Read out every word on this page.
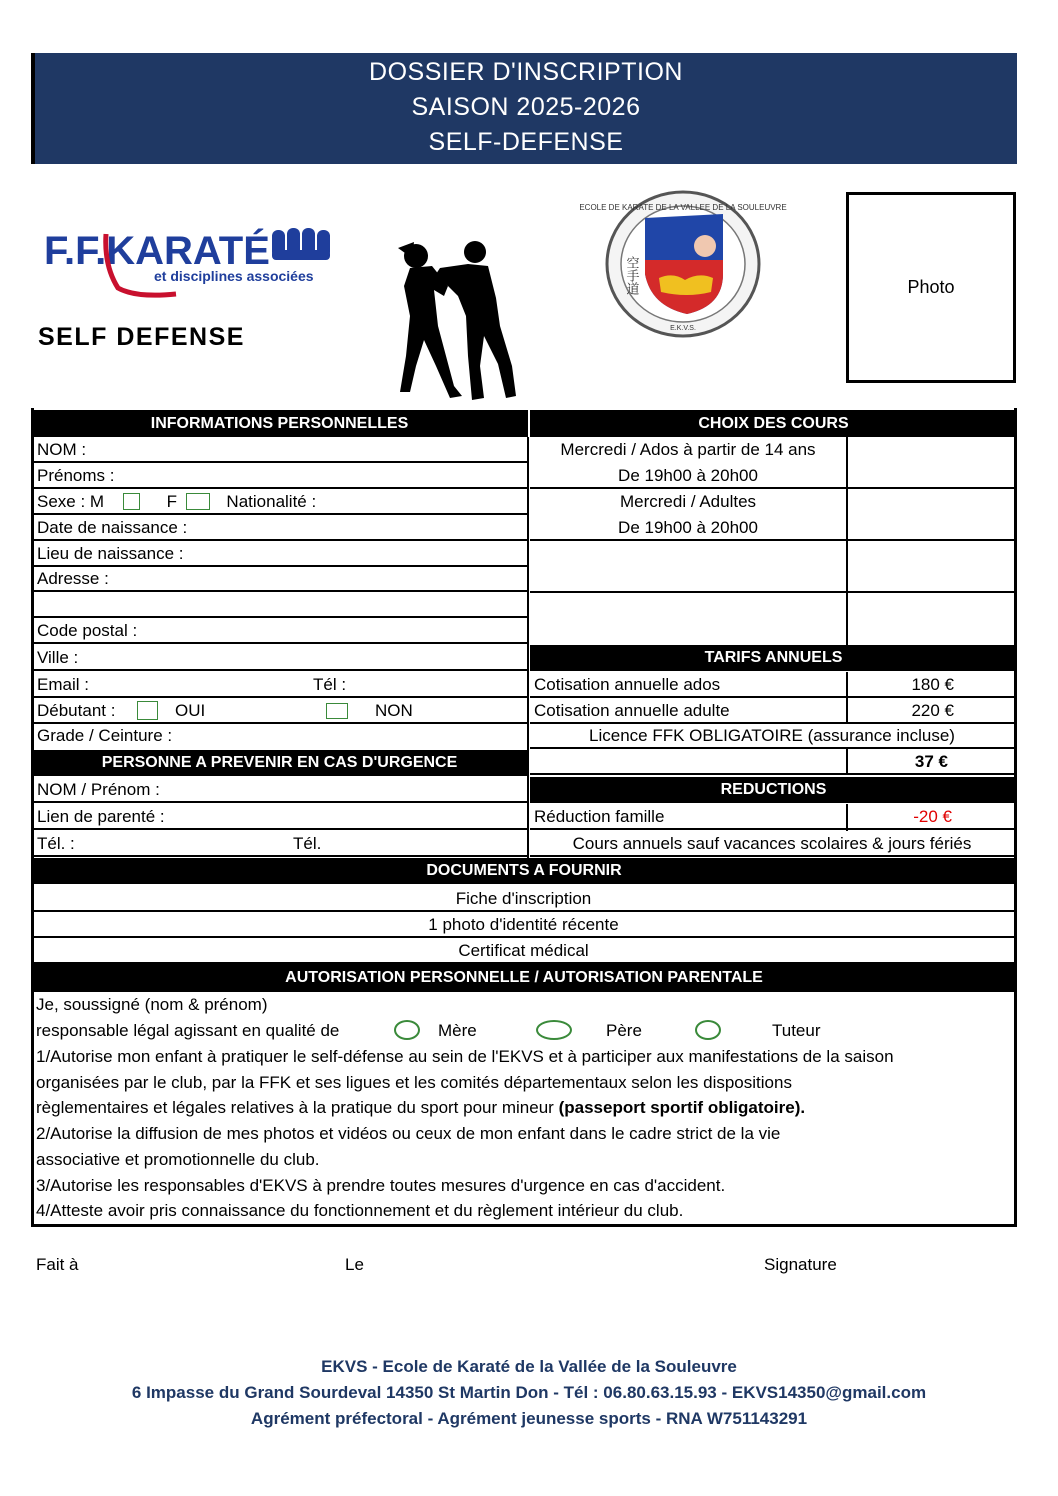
DOSSIER D'INSCRIPTION
SAISON 2025-2026
SELF-DEFENSE
F.F.KARATÉ
et disciplines associées
SELF DEFENSE
ECOLE DE KARATE DE LA VALLEE DE LA SOULEUVRE
空手道
E.K.V.S.
Photo
INFORMATIONS PERSONNELLES	CHOIX DES COURS
NOM :
Prénoms :
Sexe : M	F	Nationalité :
Date de naissance :
Lieu de naissance :
Adresse :
Code postal :
Ville :
Email :	Tél :
Débutant :	OUI	NON
Grade / Ceinture :
Mercredi / Ados à partir de 14 ans
De 19h00 à 20h00
Mercredi / Adultes
De 19h00 à 20h00
TARIFS ANNUELS
Cotisation annuelle ados	180 €
Cotisation annuelle adulte	220 €
Licence FFK OBLIGATOIRE (assurance incluse)
37 €
PERSONNE A PREVENIR EN CAS D'URGENCE
NOM / Prénom :
Lien de parenté :
Tél. :	Tél.
REDUCTIONS
Réduction famille	-20 €
Cours annuels sauf vacances scolaires & jours fériés
DOCUMENTS A FOURNIR
Fiche d'inscription
1 photo d'identité récente
Certificat médical
AUTORISATION PERSONNELLE / AUTORISATION PARENTALE
Je, soussigné (nom & prénom)
responsable légal agissant en qualité de	Mère	Père	Tuteur
1/Autorise mon enfant à pratiquer le self-défense au sein de l'EKVS et à participer aux manifestations de la saison
organisées par le club, par la FFK et ses ligues et les comités départementaux selon les dispositions
règlementaires et légales relatives à la pratique du sport pour mineur (passeport sportif obligatoire).
2/Autorise la diffusion de mes photos et vidéos ou ceux de mon enfant dans le cadre strict de la vie
associative et promotionnelle du club.
3/Autorise les responsables d'EKVS à prendre toutes mesures d'urgence en cas d'accident.
4/Atteste avoir pris connaissance du fonctionnement et du règlement intérieur du club.
Fait à	Le	Signature
EKVS - Ecole de Karaté de la Vallée de la Souleuvre
6 Impasse du Grand Sourdeval 14350 St Martin Don - Tél : 06.80.63.15.93 - EKVS14350@gmail.com
Agrément préfectoral - Agrément jeunesse sports - RNA W751143291
